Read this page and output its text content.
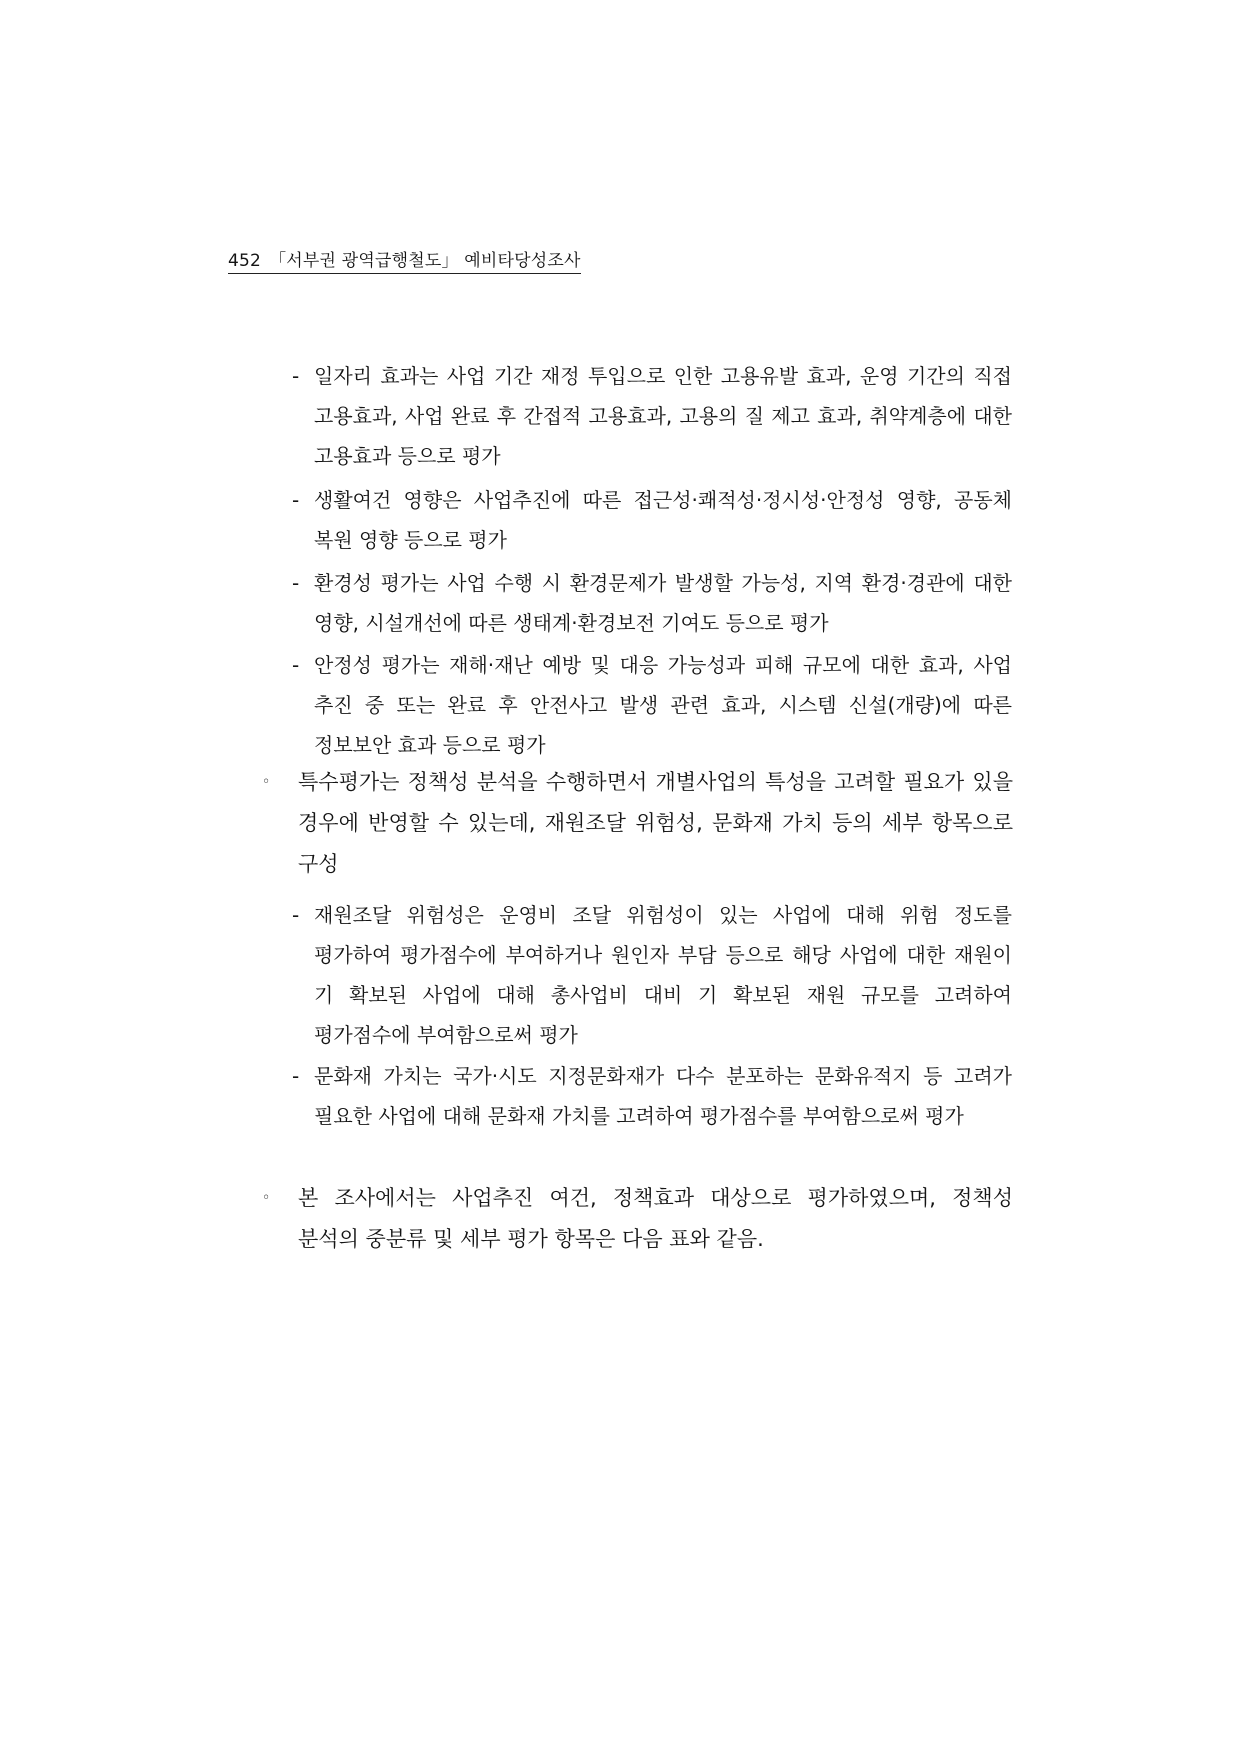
452 「서부권 광역급행철도」 예비타당성조사
- 일자리 효과는 사업 기간 재정 투입으로 인한 고용유발 효과, 운영 기간의 직접 고용효과, 사업 완료 후 간접적 고용효과, 고용의 질 제고 효과, 취약계층에 대한 고용효과 등으로 평가
- 생활여건 영향은 사업추진에 따른 접근성·쾌적성·정시성·안정성 영향, 공동체 복원 영향 등으로 평가
- 환경성 평가는 사업 수행 시 환경문제가 발생할 가능성, 지역 환경·경관에 대한 영향, 시설개선에 따른 생태계·환경보전 기여도 등으로 평가
- 안정성 평가는 재해·재난 예방 및 대응 가능성과 피해 규모에 대한 효과, 사업 추진 중 또는 완료 후 안전사고 발생 관련 효과, 시스템 신설(개량)에 따른 정보보안 효과 등으로 평가
◦	특수평가는 정책성 분석을 수행하면서 개별사업의 특성을 고려할 필요가 있을 경우에 반영할 수 있는데, 재원조달 위험성, 문화재 가치 등의 세부 항목으로 구성
- 재원조달 위험성은 운영비 조달 위험성이 있는 사업에 대해 위험 정도를 평가하여 평가점수에 부여하거나 원인자 부담 등으로 해당 사업에 대한 재원이 기 확보된 사업에 대해 총사업비 대비 기 확보된 재원 규모를 고려하여 평가점수에 부여함으로써 평가
- 문화재 가치는 국가·시도 지정문화재가 다수 분포하는 문화유적지 등 고려가 필요한 사업에 대해 문화재 가치를 고려하여 평가점수를 부여함으로써 평가
◦	본 조사에서는 사업추진 여건, 정책효과 대상으로 평가하였으며, 정책성 분석의 중분류 및 세부 평가 항목은 다음 표와 같음.
